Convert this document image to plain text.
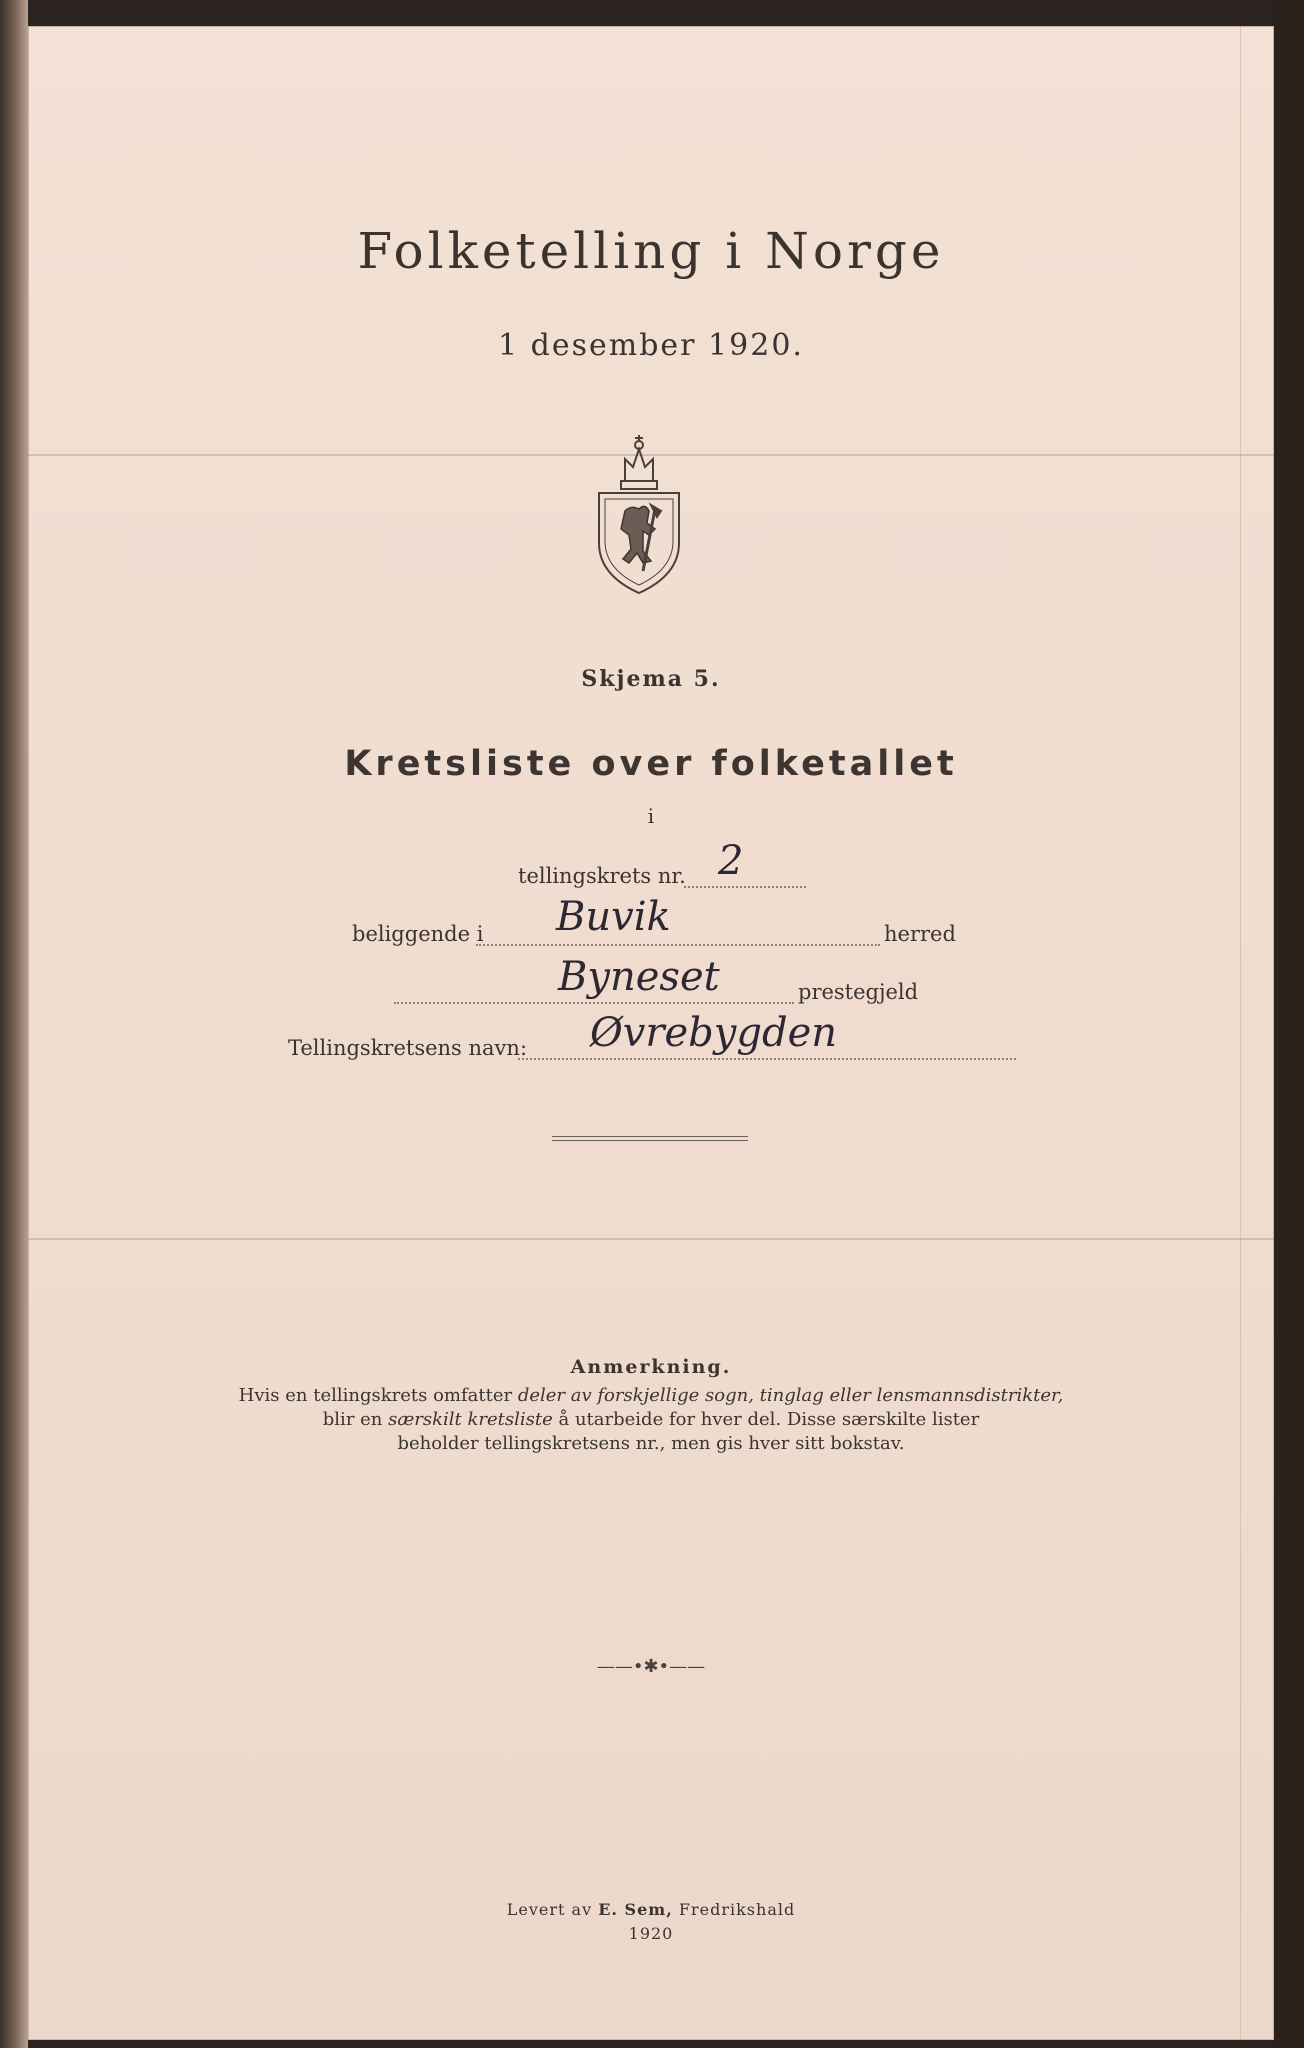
Folketelling i Norge
1 desember 1920.
Skjema 5.
Kretsliste over folketallet
i
tellingskrets nr. 2
beliggende i Buvik	herred
Byneset	prestegjeld
Tellingskretsens navn: Øvrebygden
Anmerkning.
Hvis en tellingskrets omfatter deler av forskjellige sogn, tinglag eller lensmannsdistrikter,
blir en særskilt kretsliste å utarbeide for hver del. Disse særskilte lister
beholder tellingskretsens nr., men gis hver sitt bokstav.
——•✱•——
Levert av E. Sem, Fredrikshald
1920
